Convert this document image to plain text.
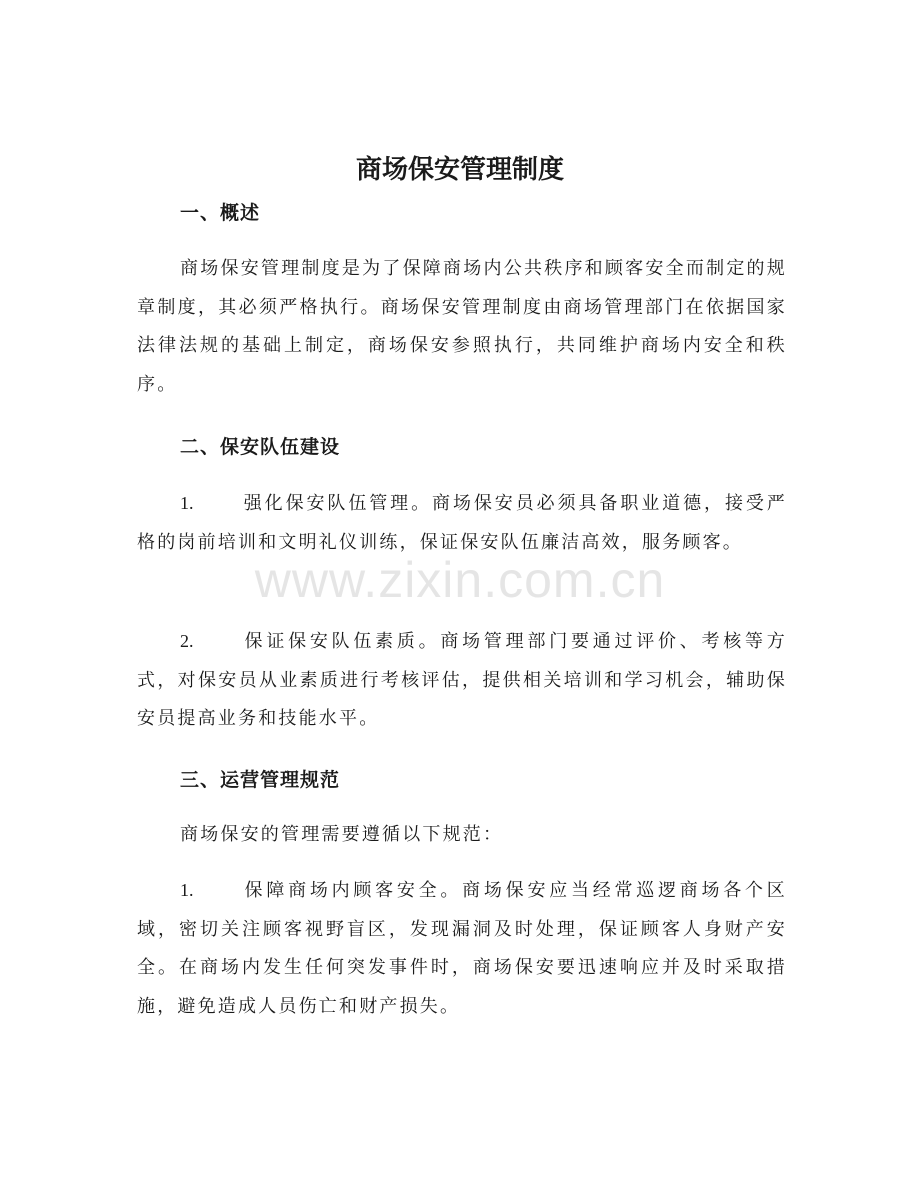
商场保安管理制度
一、概述

商场保安管理制度是为了保障商场内公共秩序和顾客安全而制定的规章制度，其必须严格执行。商场保安管理制度由商场管理部门在依据国家法律法规的基础上制定，商场保安参照执行，共同维护商场内安全和秩序。

二、保安队伍建设

1.	强化保安队伍管理。商场保安员必须具备职业道德，接受严格的岗前培训和文明礼仪训练，保证保安队伍廉洁高效，服务顾客。

2.	保证保安队伍素质。商场管理部门要通过评价、考核等方式，对保安员从业素质进行考核评估，提供相关培训和学习机会，辅助保安员提高业务和技能水平。

三、运营管理规范

商场保安的管理需要遵循以下规范：

1.	保障商场内顾客安全。商场保安应当经常巡逻商场各个区域，密切关注顾客视野盲区，发现漏洞及时处理，保证顾客人身财产安全。在商场内发生任何突发事件时，商场保安要迅速响应并及时采取措施，避免造成人员伤亡和财产损失。

www.zixin.com.cn
